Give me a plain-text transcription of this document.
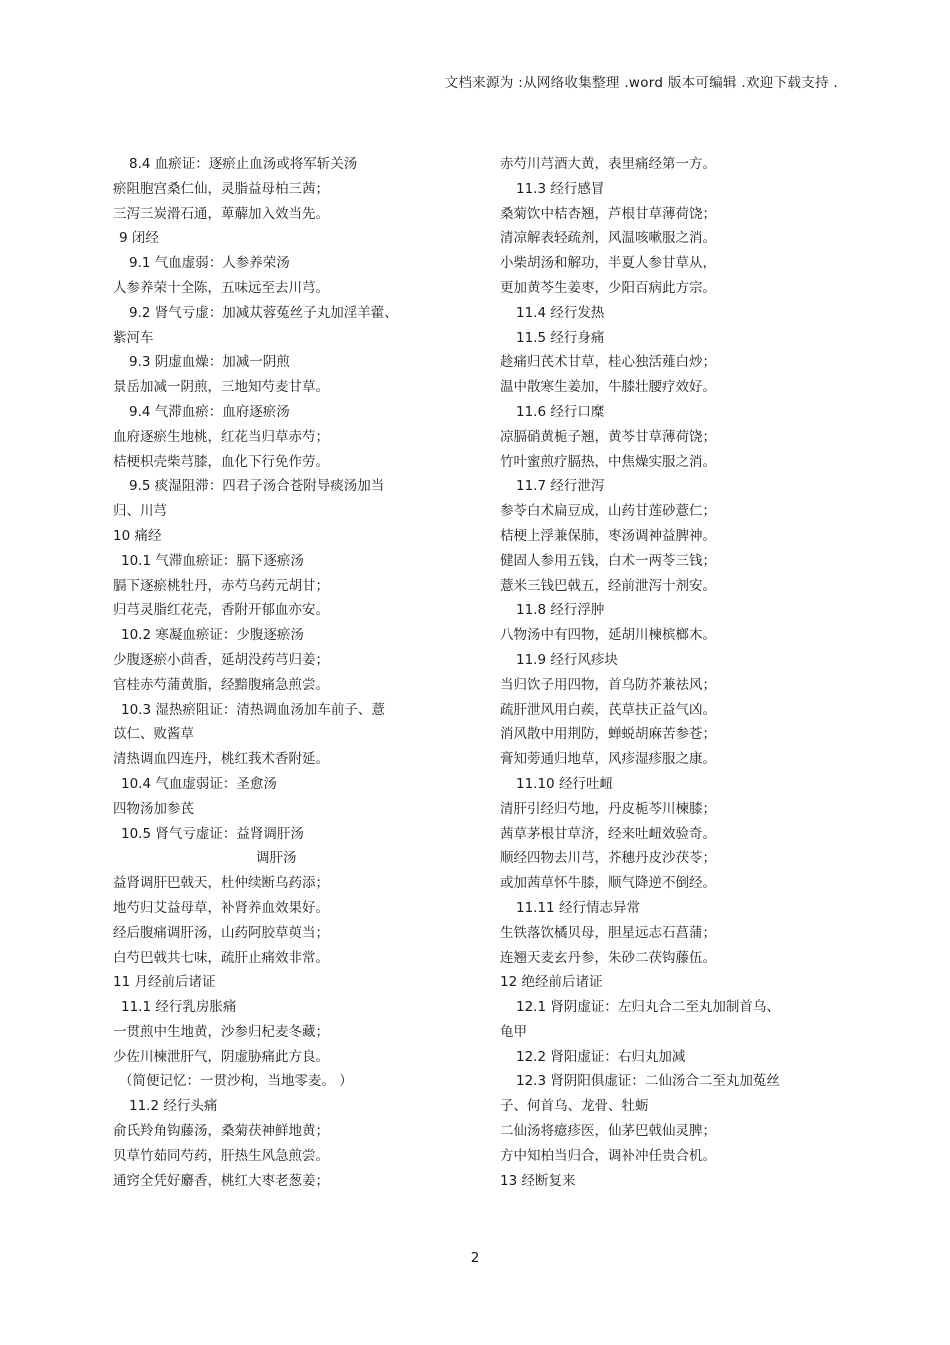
文档来源为 :从网络收集整理 .word 版本可编辑 .欢迎下载支持 .
8.4 血瘀证：逐瘀止血汤或将军斩关汤
瘀阻胞宫桑仁仙，灵脂益母柏三茜；
三泻三炭滑石通，萆薢加入效当先。
9 闭经
9.1 气血虚弱：人参养荣汤
人参养荣十全陈，五味远至去川芎。
9.2 肾气亏虚：加减苁蓉菟丝子丸加淫羊藿、
紫河车
9.3 阴虚血燥：加减一阴煎
景岳加减一阴煎，三地知芍麦甘草。
9.4 气滞血瘀：血府逐瘀汤
血府逐瘀生地桃，红花当归草赤芍；
桔梗枳壳柴芎膝，血化下行免作劳。
9.5 痰湿阻滞：四君子汤合苍附导痰汤加当
归、川芎
10 痛经
10.1 气滞血瘀证：膈下逐瘀汤
膈下逐瘀桃牡丹，赤芍乌药元胡甘；
归芎灵脂红花壳，香附开郁血亦安。
10.2 寒凝血瘀证：少腹逐瘀汤
少腹逐瘀小茴香，延胡没药芎归姜；
官桂赤芍蒲黄脂，经黯腹痛急煎尝。
10.3 湿热瘀阻证：清热调血汤加车前子、薏
苡仁、败酱草
清热调血四连丹，桃红莪术香附延。
10.4 气血虚弱证：圣愈汤
四物汤加参芪
10.5 肾气亏虚证：益肾调肝汤
调肝汤
益肾调肝巴戟天，杜仲续断乌药添；
地芍归艾益母草，补肾养血效果好。
经后腹痛调肝汤，山药阿胶草萸当；
白芍巴戟共七味，疏肝止痛效非常。
11 月经前后诸证
11.1 经行乳房胀痛
一贯煎中生地黄，沙参归杞麦冬藏；
少佐川楝泄肝气，阴虚胁痛此方良。
（简便记忆：一贯沙枸，当地零麦。 ）
11.2 经行头痛
俞氏羚角钩藤汤，桑菊茯神鲜地黄；
贝草竹茹同芍药，肝热生风急煎尝。
通窍全凭好麝香，桃红大枣老葱姜；
赤芍川芎酒大黄，表里痛经第一方。
11.3 经行感冒
桑菊饮中桔杏翘，芦根甘草薄荷饶；
清凉解表轻疏剂，风温咳嗽服之消。
小柴胡汤和解功，半夏人参甘草从，
更加黄芩生姜枣，少阳百病此方宗。
11.4 经行发热
11.5 经行身痛
趁痛归芪术甘草，桂心独活薤白炒；
温中散寒生姜加，牛膝壮腰疗效好。
11.6 经行口糜
凉膈硝黄栀子翘，黄芩甘草薄荷饶；
竹叶蜜煎疗膈热，中焦燥实服之消。
11.7 经行泄泻
参苓白术扁豆成，山药甘莲砂薏仁；
桔梗上浮兼保肺，枣汤调神益脾神。
健固人参用五钱，白术一两苓三钱；
薏米三钱巴戟五，经前泄泻十剂安。
11.8 经行浮肿
八物汤中有四物，延胡川楝槟榔木。
11.9 经行风疹块
当归饮子用四物，首乌防芥兼祛风；
疏肝泄风用白蒺，芪草扶正益气凶。
消风散中用荆防，蝉蜕胡麻苦参苍；
膏知蒡通归地草，风疹湿疹服之康。
11.10 经行吐衄
清肝引经归芍地，丹皮栀芩川楝膝；
茜草茅根甘草济，经来吐衄效验奇。
顺经四物去川芎，芥穗丹皮沙茯苓；
或加茜草怀牛膝，顺气降逆不倒经。
11.11 经行情志异常
生铁落饮橘贝母，胆星远志石菖蒲；
连翘天麦玄丹参，朱砂二茯钩藤伍。
12 绝经前后诸证
12.1 肾阴虚证：左归丸合二至丸加制首乌、
龟甲
12.2 肾阳虚证：右归丸加减
12.3 肾阴阳俱虚证：二仙汤合二至丸加菟丝
子、何首乌、龙骨、牡蛎
二仙汤将癔疹医，仙茅巴戟仙灵脾；
方中知柏当归合，调补冲任贵合机。
13 经断复来
2
